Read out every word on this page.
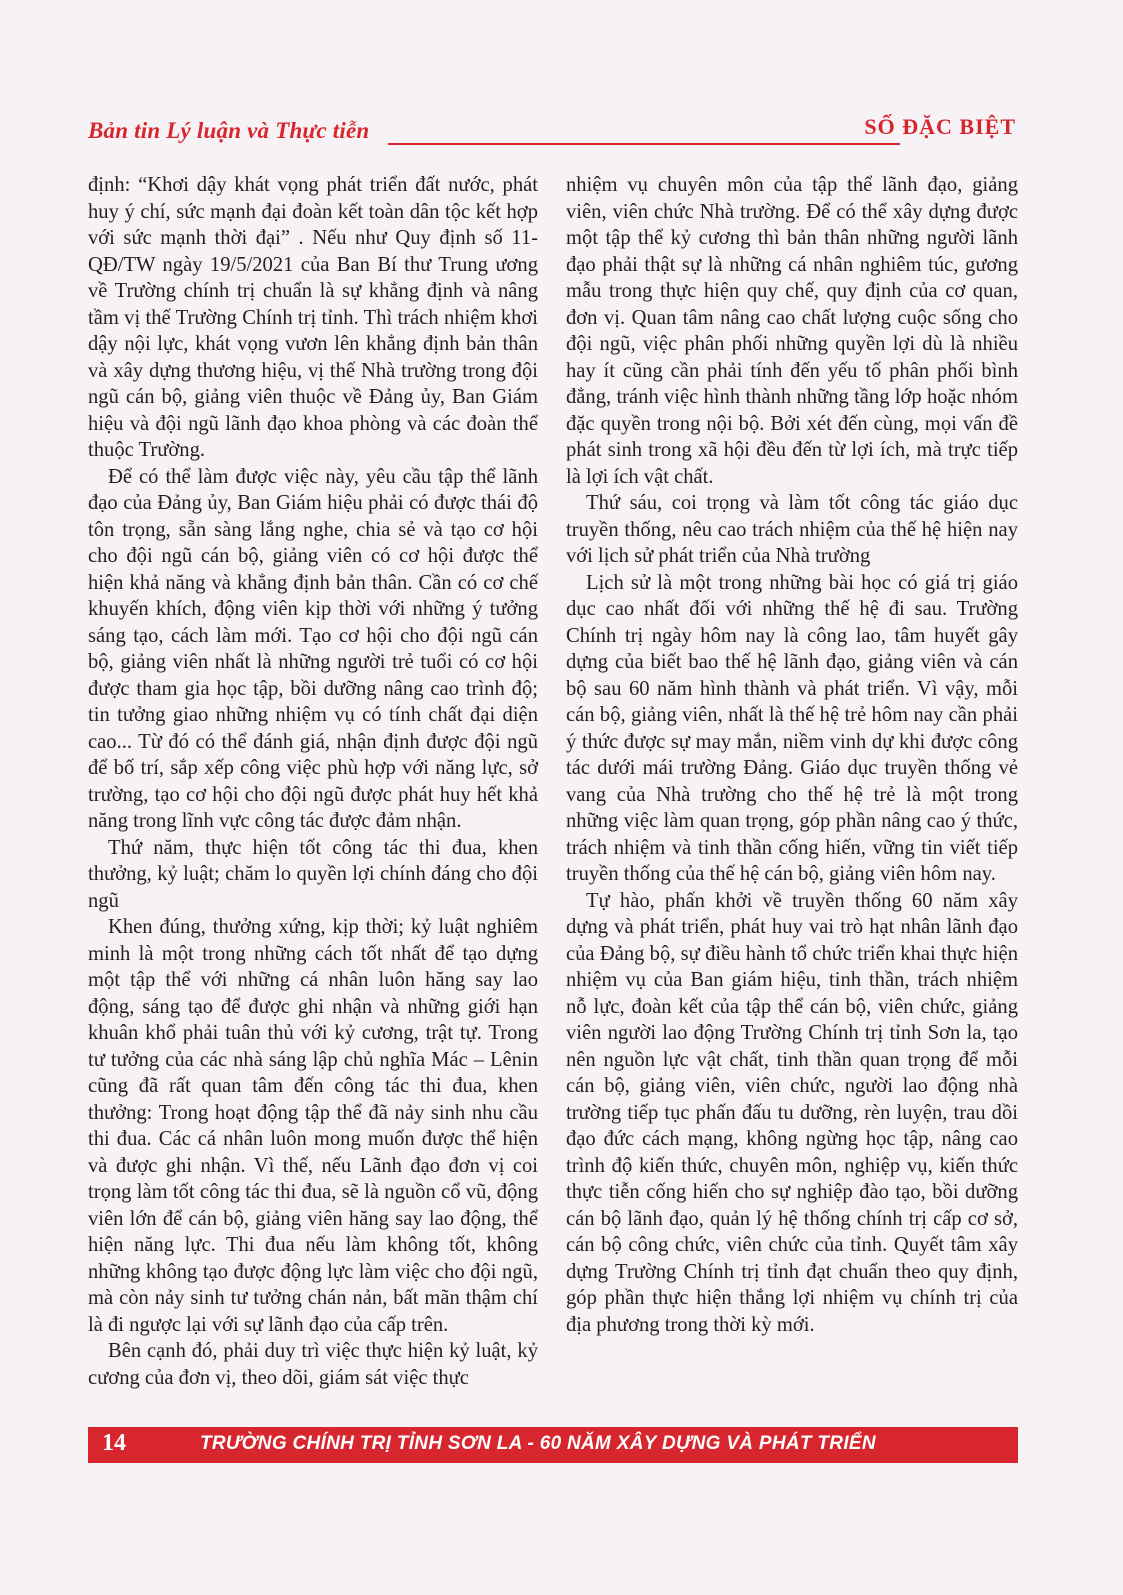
Bản tin Lý luận và Thực tiễn	SỐ ĐẶC BIỆT

định: “Khơi dậy khát vọng phát triển đất nước, phát huy ý chí, sức mạnh đại đoàn kết toàn dân tộc kết hợp với sức mạnh thời đại” . Nếu như Quy định số 11-QĐ/TW ngày 19/5/2021 của Ban Bí thư Trung ương về Trường chính trị chuẩn là sự khẳng định và nâng tầm vị thế Trường Chính trị tỉnh. Thì trách nhiệm khơi dậy nội lực, khát vọng vươn lên khẳng định bản thân và xây dựng thương hiệu, vị thế Nhà trường trong đội ngũ cán bộ, giảng viên thuộc về Đảng ủy, Ban Giám hiệu và đội ngũ lãnh đạo khoa phòng và các đoàn thể thuộc Trường.

Để có thể làm được việc này, yêu cầu tập thể lãnh đạo của Đảng ủy, Ban Giám hiệu phải có được thái độ tôn trọng, sẵn sàng lắng nghe, chia sẻ và tạo cơ hội cho đội ngũ cán bộ, giảng viên có cơ hội được thể hiện khả năng và khẳng định bản thân. Cần có cơ chế khuyến khích, động viên kịp thời với những ý tưởng sáng tạo, cách làm mới. Tạo cơ hội cho đội ngũ cán bộ, giảng viên nhất là những người trẻ tuổi có cơ hội được tham gia học tập, bồi dưỡng nâng cao trình độ; tin tưởng giao những nhiệm vụ có tính chất đại diện cao... Từ đó có thể đánh giá, nhận định được đội ngũ để bố trí, sắp xếp công việc phù hợp với năng lực, sở trường, tạo cơ hội cho đội ngũ được phát huy hết khả năng trong lĩnh vực công tác được đảm nhận.

Thứ năm, thực hiện tốt công tác thi đua, khen thưởng, kỷ luật; chăm lo quyền lợi chính đáng cho đội ngũ

Khen đúng, thưởng xứng, kịp thời; kỷ luật nghiêm minh là một trong những cách tốt nhất để tạo dựng một tập thể với những cá nhân luôn hăng say lao động, sáng tạo để được ghi nhận và những giới hạn khuân khổ phải tuân thủ với kỷ cương, trật tự. Trong tư tưởng của các nhà sáng lập chủ nghĩa Mác – Lênin cũng đã rất quan tâm đến công tác thi đua, khen thưởng: Trong hoạt động tập thể đã nảy sinh nhu cầu thi đua. Các cá nhân luôn mong muốn được thể hiện và được ghi nhận. Vì thế, nếu Lãnh đạo đơn vị coi trọng làm tốt công tác thi đua, sẽ là nguồn cổ vũ, động viên lớn để cán bộ, giảng viên hăng say lao động, thể hiện năng lực. Thi đua nếu làm không tốt, không những không tạo được động lực làm việc cho đội ngũ, mà còn nảy sinh tư tưởng chán nản, bất mãn thậm chí là đi ngược lại với sự lãnh đạo của cấp trên.

Bên cạnh đó, phải duy trì việc thực hiện kỷ luật, kỷ cương của đơn vị, theo dõi, giám sát việc thực

nhiệm vụ chuyên môn của tập thể lãnh đạo, giảng viên, viên chức Nhà trường. Để có thể xây dựng được một tập thể kỷ cương thì bản thân những người lãnh đạo phải thật sự là những cá nhân nghiêm túc, gương mẫu trong thực hiện quy chế, quy định của cơ quan, đơn vị. Quan tâm nâng cao chất lượng cuộc sống cho đội ngũ, việc phân phối những quyền lợi dù là nhiều hay ít cũng cần phải tính đến yếu tố phân phối bình đẳng, tránh việc hình thành những tầng lớp hoặc nhóm đặc quyền trong nội bộ. Bởi xét đến cùng, mọi vấn đề phát sinh trong xã hội đều đến từ lợi ích, mà trực tiếp là lợi ích vật chất.

Thứ sáu, coi trọng và làm tốt công tác giáo dục truyền thống, nêu cao trách nhiệm của thế hệ hiện nay với lịch sử phát triển của Nhà trường

Lịch sử là một trong những bài học có giá trị giáo dục cao nhất đối với những thế hệ đi sau. Trường Chính trị ngày hôm nay là công lao, tâm huyết gây dựng của biết bao thế hệ lãnh đạo, giảng viên và cán bộ sau 60 năm hình thành và phát triển. Vì vậy, mỗi cán bộ, giảng viên, nhất là thế hệ trẻ hôm nay cần phải ý thức được sự may mắn, niềm vinh dự khi được công tác dưới mái trường Đảng. Giáo dục truyền thống vẻ vang của Nhà trường cho thế hệ trẻ là một trong những việc làm quan trọng, góp phần nâng cao ý thức, trách nhiệm và tinh thần cống hiến, vững tin viết tiếp truyền thống của thế hệ cán bộ, giảng viên hôm nay.

Tự hào, phấn khởi về truyền thống 60 năm xây dựng và phát triển, phát huy vai trò hạt nhân lãnh đạo của Đảng bộ, sự điều hành tổ chức triển khai thực hiện nhiệm vụ của Ban giám hiệu, tinh thần, trách nhiệm nỗ lực, đoàn kết của tập thể cán bộ, viên chức, giảng viên người lao động Trường Chính trị tỉnh Sơn la, tạo nên nguồn lực vật chất, tinh thần quan trọng để mỗi cán bộ, giảng viên, viên chức, người lao động nhà trường tiếp tục phấn đấu tu dưỡng, rèn luyện, trau dồi đạo đức cách mạng, không ngừng học tập, nâng cao trình độ kiến thức, chuyên môn, nghiệp vụ, kiến thức thực tiễn cống hiến cho sự nghiệp đào tạo, bồi dưỡng cán bộ lãnh đạo, quản lý hệ thống chính trị cấp cơ sở, cán bộ công chức, viên chức của tỉnh. Quyết tâm xây dựng Trường Chính trị tỉnh đạt chuẩn theo quy định, góp phần thực hiện thắng lợi nhiệm vụ chính trị của địa phương trong thời kỳ mới.

14	TRƯỜNG CHÍNH TRỊ TỈNH SƠN LA - 60 NĂM XÂY DỰNG VÀ PHÁT TRIỂN
